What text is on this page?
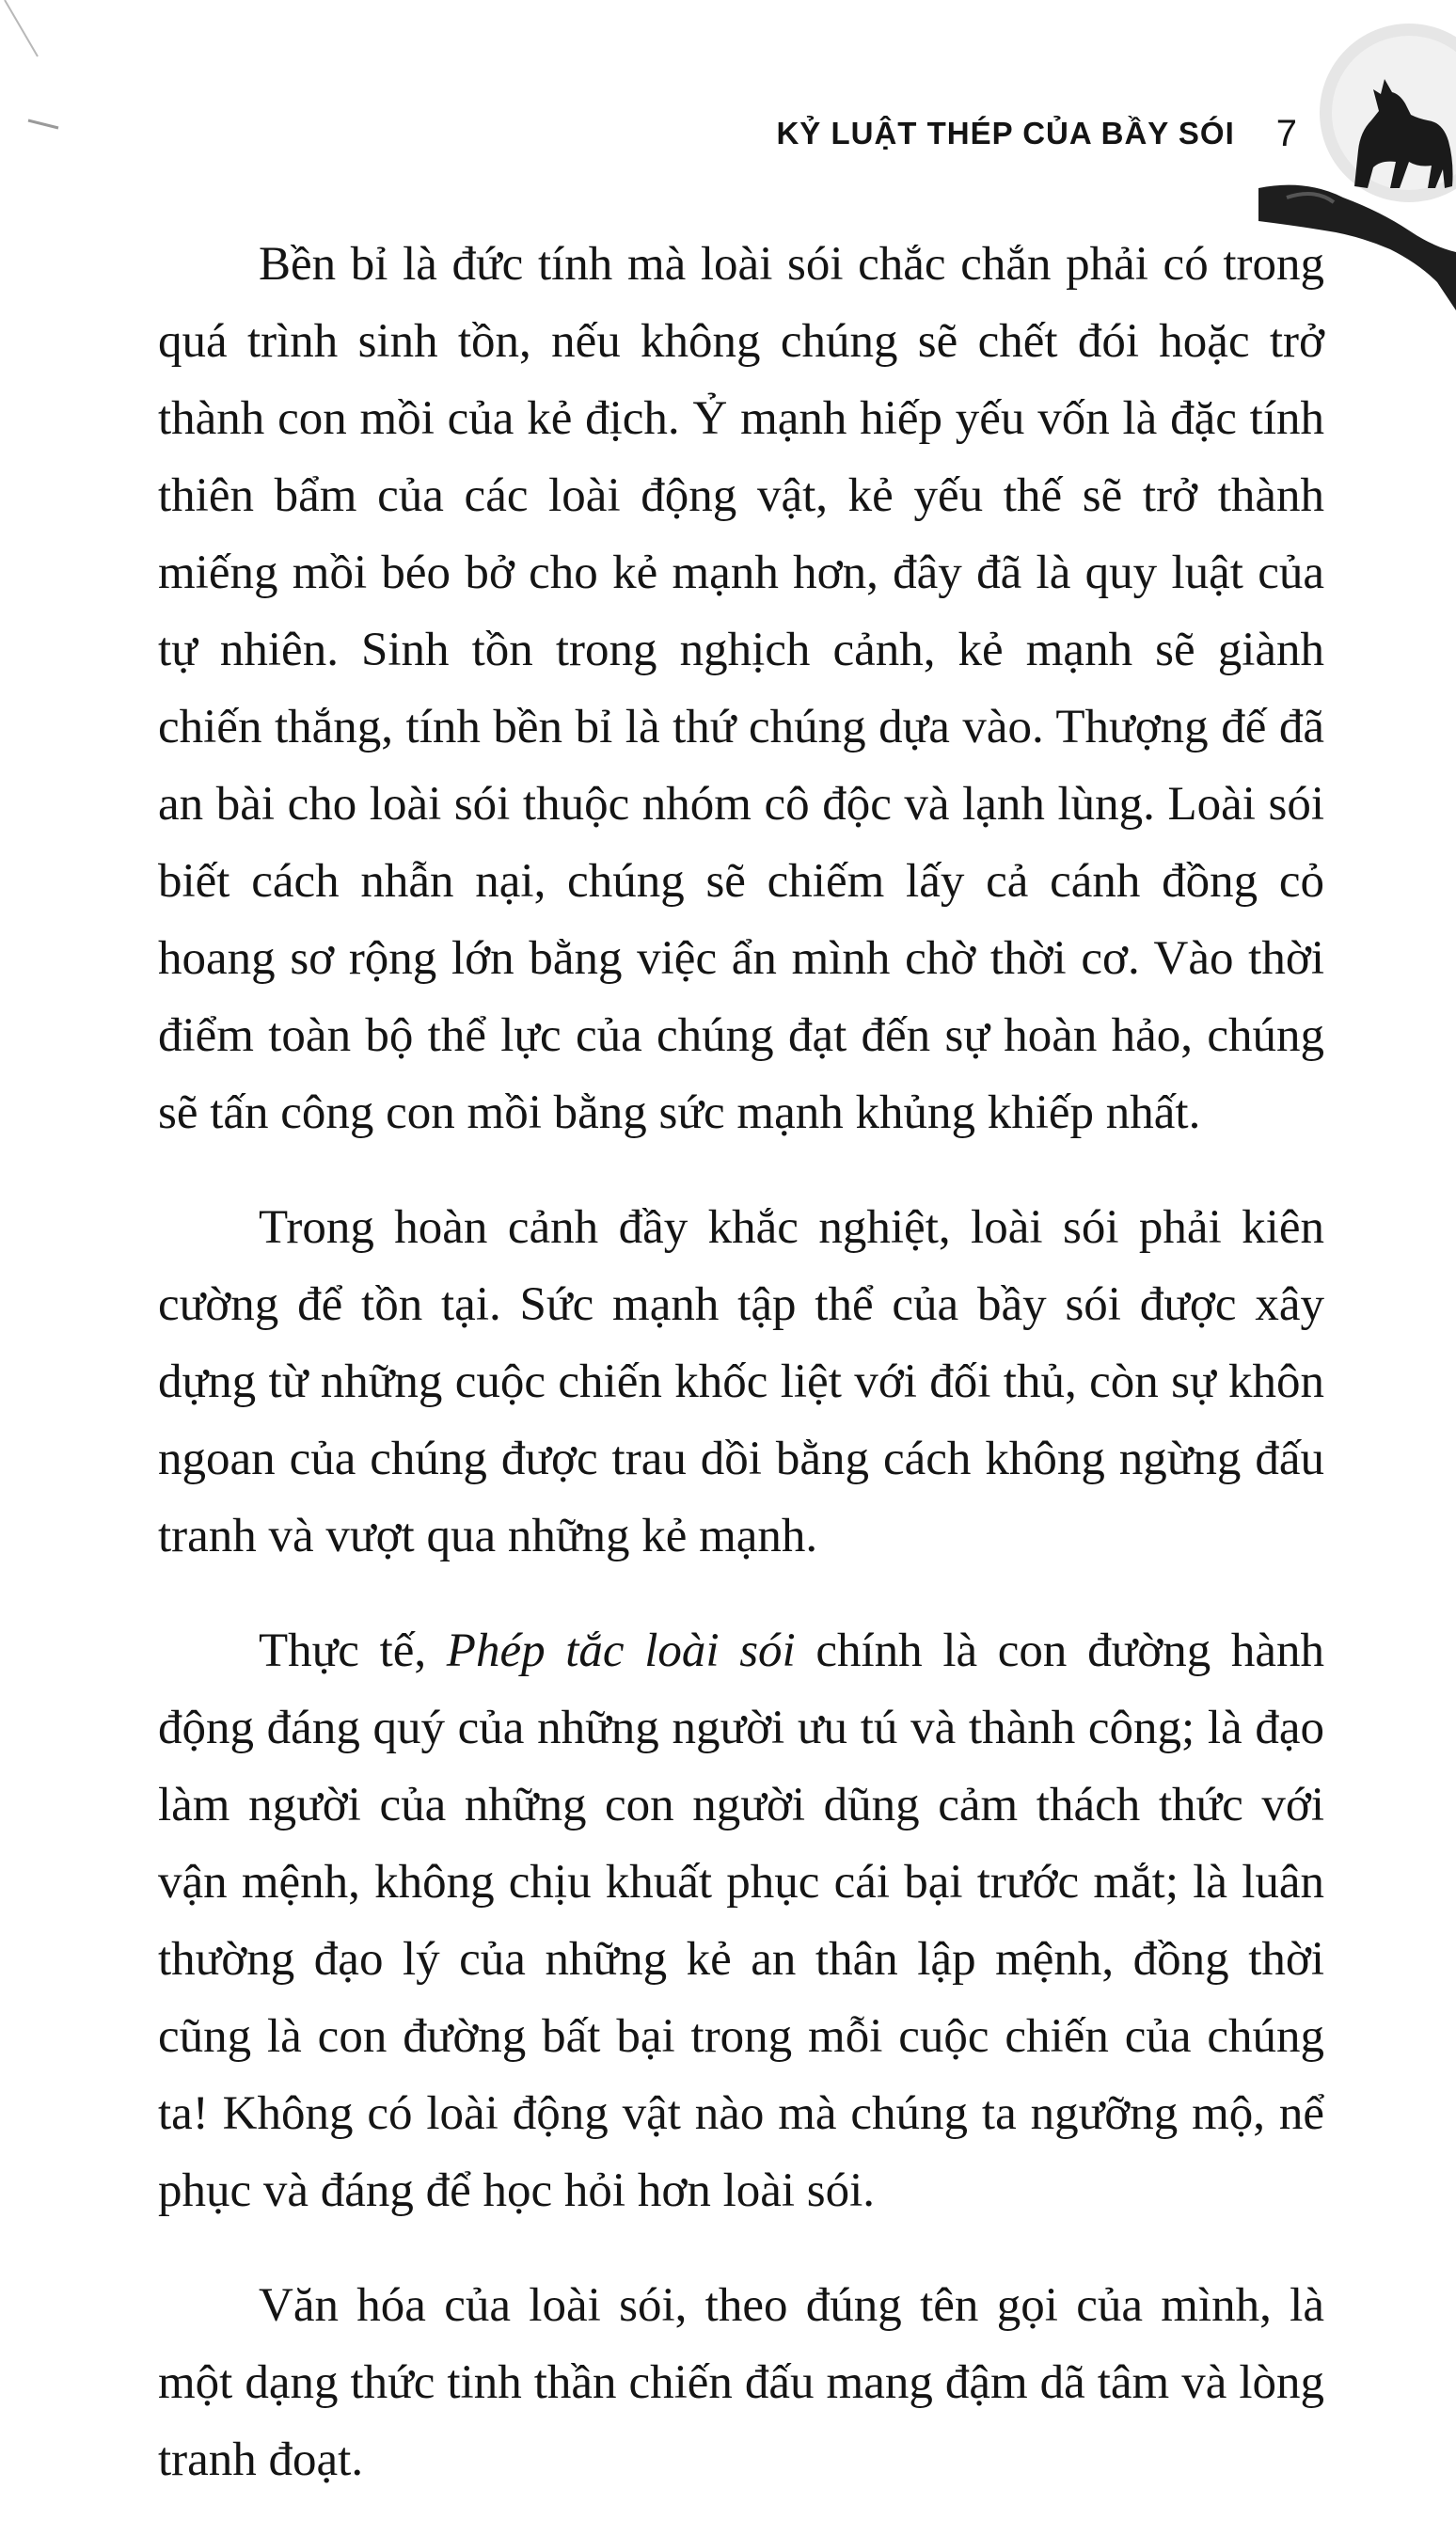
KỶ LUẬT THÉP CỦA BẦY SÓI 7

Bền bỉ là đức tính mà loài sói chắc chắn phải có trong quá trình sinh tồn, nếu không chúng sẽ chết đói hoặc trở thành con mồi của kẻ địch. Ỷ mạnh hiếp yếu vốn là đặc tính thiên bẩm của các loài động vật, kẻ yếu thế sẽ trở thành miếng mồi béo bở cho kẻ mạnh hơn, đây đã là quy luật của tự nhiên. Sinh tồn trong nghịch cảnh, kẻ mạnh sẽ giành chiến thắng, tính bền bỉ là thứ chúng dựa vào. Thượng đế đã an bài cho loài sói thuộc nhóm cô độc và lạnh lùng. Loài sói biết cách nhẫn nại, chúng sẽ chiếm lấy cả cánh đồng cỏ hoang sơ rộng lớn bằng việc ẩn mình chờ thời cơ. Vào thời điểm toàn bộ thể lực của chúng đạt đến sự hoàn hảo, chúng sẽ tấn công con mồi bằng sức mạnh khủng khiếp nhất.

Trong hoàn cảnh đầy khắc nghiệt, loài sói phải kiên cường để tồn tại. Sức mạnh tập thể của bầy sói được xây dựng từ những cuộc chiến khốc liệt với đối thủ, còn sự khôn ngoan của chúng được trau dồi bằng cách không ngừng đấu tranh và vượt qua những kẻ mạnh.

Thực tế, Phép tắc loài sói chính là con đường hành động đáng quý của những người ưu tú và thành công; là đạo làm người của những con người dũng cảm thách thức với vận mệnh, không chịu khuất phục cái bại trước mắt; là luân thường đạo lý của những kẻ an thân lập mệnh, đồng thời cũng là con đường bất bại trong mỗi cuộc chiến của chúng ta! Không có loài động vật nào mà chúng ta ngưỡng mộ, nể phục và đáng để học hỏi hơn loài sói.

Văn hóa của loài sói, theo đúng tên gọi của mình, là một dạng thức tinh thần chiến đấu mang đậm dã tâm và lòng tranh đoạt.
